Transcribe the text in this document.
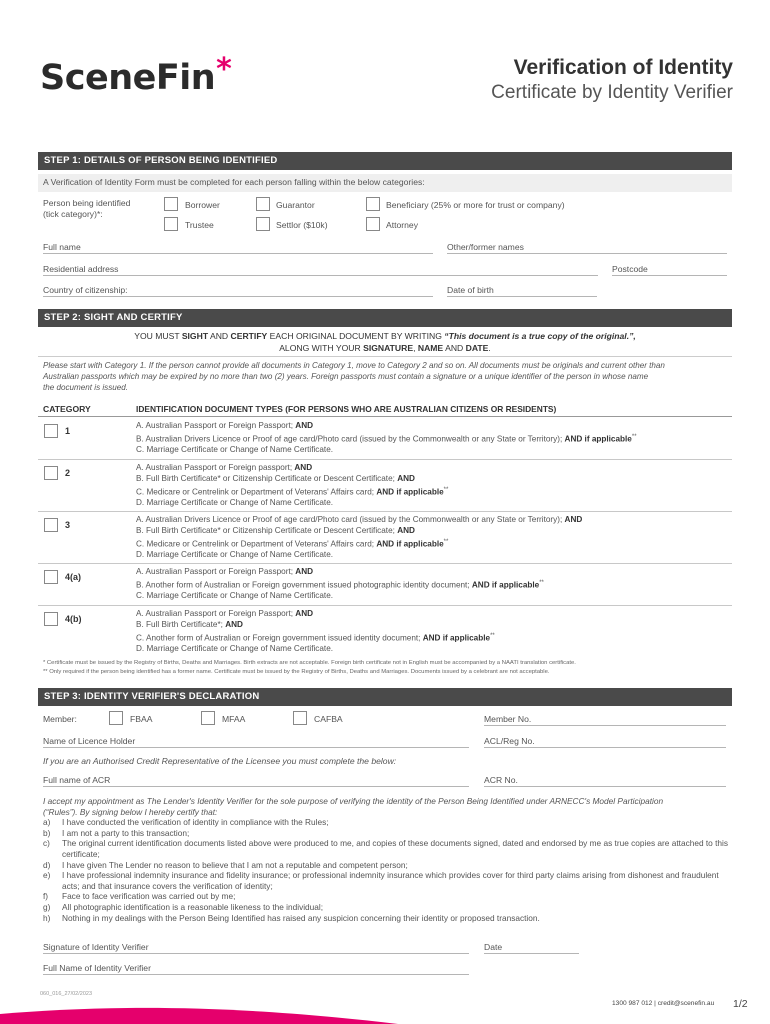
SceneFin*	Verification of Identity
Certificate by Identity Verifier
STEP 1: DETAILS OF PERSON BEING IDENTIFIED
A Verification of Identity Form must be completed for each person falling within the below categories:
Person being identified
(tick category)*:
Borrower	Guarantor	Beneficiary (25% or more for trust or company)
Trustee	Settlor ($10k)	Attorney
Full name	Other/former names
Residential address	Postcode
Country of citizenship:	Date of birth
STEP 2: SIGHT AND CERTIFY
YOU MUST SIGHT AND CERTIFY EACH ORIGINAL DOCUMENT BY WRITING “This document is a true copy of the original.”,
ALONG WITH YOUR SIGNATURE, NAME AND DATE.
Please start with Category 1. If the person cannot provide all documents in Category 1, move to Category 2 and so on. All documents must be originals and current other than
Australian passports which may be expired by no more than two (2) years. Foreign passports must contain a signature or a unique identifier of the person in whose name
the document is issued.
CATEGORY	IDENTIFICATION DOCUMENT TYPES (FOR PERSONS WHO ARE AUSTRALIAN CITIZENS OR RESIDENTS)
1
A. Australian Passport or Foreign Passport; AND
B. Australian Drivers Licence or Proof of age card/Photo card (issued by the Commonwealth or any State or Territory); AND if applicable**
C. Marriage Certificate or Change of Name Certificate.
2
A. Australian Passport or Foreign passport; AND
B. Full Birth Certificate* or Citizenship Certificate or Descent Certificate; AND
C. Medicare or Centrelink or Department of Veterans' Affairs card; AND if applicable**
D. Marriage Certificate or Change of Name Certificate.
3
A. Australian Drivers Licence or Proof of age card/Photo card (issued by the Commonwealth or any State or Territory); AND
B. Full Birth Certificate* or Citizenship Certificate or Descent Certificate; AND
C. Medicare or Centrelink or Department of Veterans' Affairs card; AND if applicable**
D. Marriage Certificate or Change of Name Certificate.
4(a)
A. Australian Passport or Foreign Passport; AND
B. Another form of Australian or Foreign government issued photographic identity document; AND if applicable**
C. Marriage Certificate or Change of Name Certificate.
4(b)
A. Australian Passport or Foreign Passport; AND
B. Full Birth Certificate*; AND
C. Another form of Australian or Foreign government issued identity document; AND if applicable**
D. Marriage Certificate or Change of Name Certificate.
* Certificate must be issued by the Registry of Births, Deaths and Marriages. Birth extracts are not acceptable. Foreign birth certificate not in English must be accompanied by a NAATI translation certificate.
** Only required if the person being identified has a former name. Certificate must be issued by the Registry of Births, Deaths and Marriages. Documents issued by a celebrant are not acceptable.
STEP 3: IDENTITY VERIFIER'S DECLARATION
Member:	FBAA	MFAA	CAFBA	Member No.
Name of Licence Holder	ACL/Reg No.
If you are an Authorised Credit Representative of the Licensee you must complete the below:
Full name of ACR	ACR No.
I accept my appointment as The Lender's Identity Verifier for the sole purpose of verifying the identity of the Person Being Identified under ARNECC's Model Participation
(“Rules”). By signing below I hereby certify that:
a) I have conducted the verification of identity in compliance with the Rules;
b) I am not a party to this transaction;
c) The original current identification documents listed above were produced to me, and copies of these documents signed, dated and endorsed by me as true copies are attached to this certificate;
d) I have given The Lender no reason to believe that I am not a reputable and competent person;
e) I have professional indemnity insurance and fidelity insurance; or professional indemnity insurance which provides cover for third party claims arising from dishonest and fraudulent acts; and that insurance covers the verification of identity;
f) Face to face verification was carried out by me;
g) All photographic identification is a reasonable likeness to the individual;
h) Nothing in my dealings with the Person Being Identified has raised any suspicion concerning their identity or proposed transaction.
Signature of Identity Verifier	Date
Full Name of Identity Verifier
060_016_27/02/2023
1300 987 012 | credit@scenefin.au 1/2
